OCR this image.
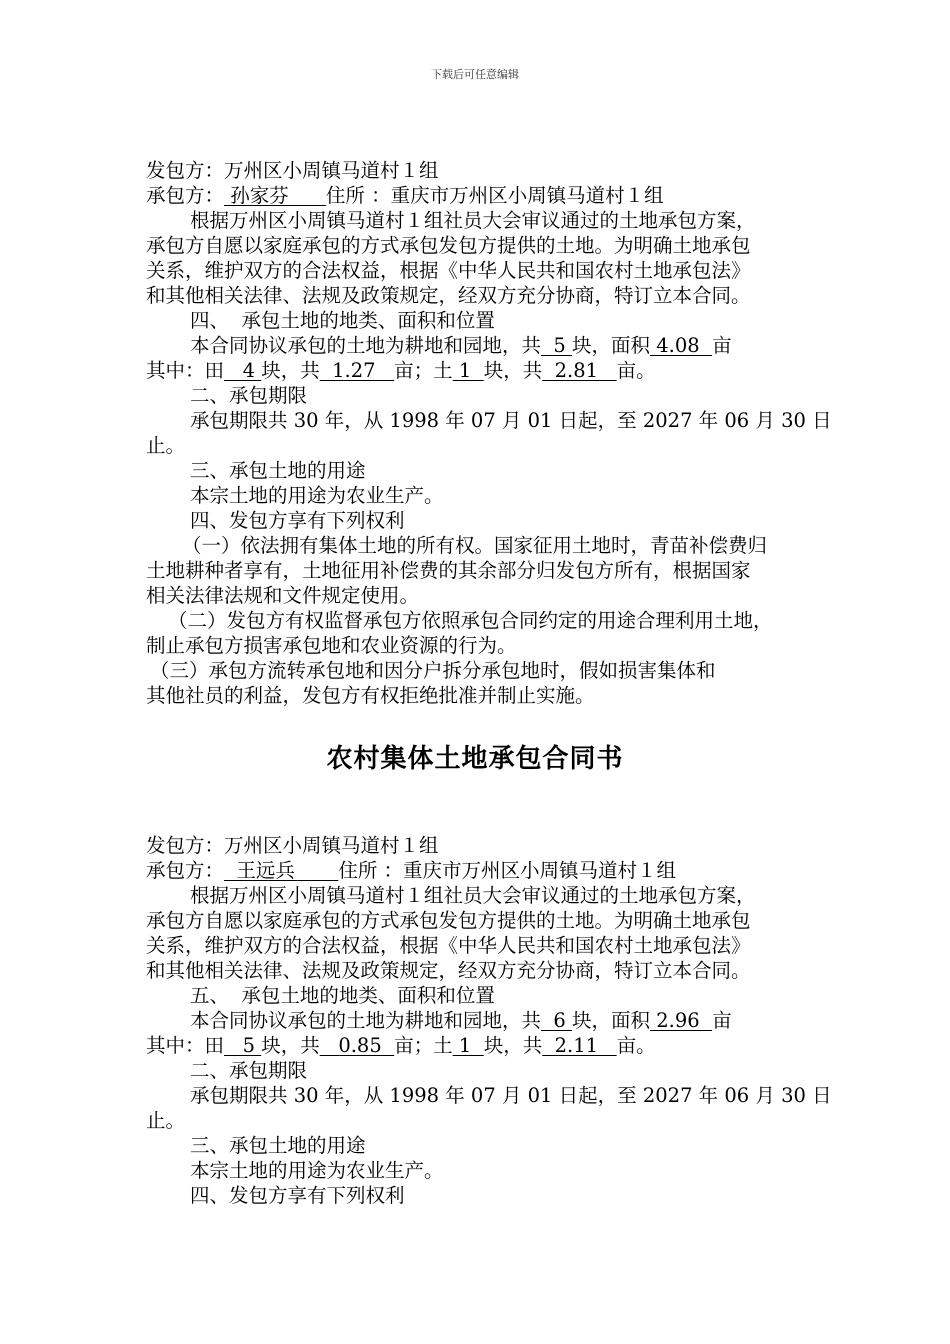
下载后可任意编辑
发包方：万州区小周镇马道村１组
承包方： 孙家芬      住所 ：重庆市万州区小周镇马道村１组
根据万州区小周镇马道村１组社员大会审议通过的土地承包方案，
承包方自愿以家庭承包的方式承包发包方提供的土地。为明确土地承包
关系，维护双方的合法权益，根据《中华人民共和国农村土地承包法》
和其他相关法律、法规及政策规定，经双方充分协商，特订立本合同。
四、  承包土地的地类、面积和位置
本合同协议承包的土地为耕地和园地，共  5 块，面积 4.08  亩
其中：田   4 块，共  1.27   亩；土 1  块，共  2.81   亩。
二、承包期限
承包期限共 30 年，从 1998 年 07 月 01 日起，至 2027 年 06 月 30 日
止。
三、承包土地的用途
本宗土地的用途为农业生产。
四、发包方享有下列权利
（一）依法拥有集体土地的所有权。国家征用土地时，青苗补偿费归
土地耕种者享有，土地征用补偿费的其余部分归发包方所有，根据国家
相关法律法规和文件规定使用。
（二）发包方有权监督承包方依照承包合同约定的用途合理利用土地，
制止承包方损害承包地和农业资源的行为。
（三）承包方流转承包地和因分户拆分承包地时，假如损害集体和
其他社员的利益，发包方有权拒绝批准并制止实施。
农村集体土地承包合同书
发包方：万州区小周镇马道村１组
承包方：  王远兵       住所 ：重庆市万州区小周镇马道村１组
根据万州区小周镇马道村１组社员大会审议通过的土地承包方案，
承包方自愿以家庭承包的方式承包发包方提供的土地。为明确土地承包
关系，维护双方的合法权益，根据《中华人民共和国农村土地承包法》
和其他相关法律、法规及政策规定，经双方充分协商，特订立本合同。
五、  承包土地的地类、面积和位置
本合同协议承包的土地为耕地和园地，共  6 块，面积 2.96  亩
其中：田   5 块，共   0.85  亩；土 1  块，共  2.11   亩。
二、承包期限
承包期限共 30 年，从 1998 年 07 月 01 日起，至 2027 年 06 月 30 日
止。
三、承包土地的用途
本宗土地的用途为农业生产。
四、发包方享有下列权利
